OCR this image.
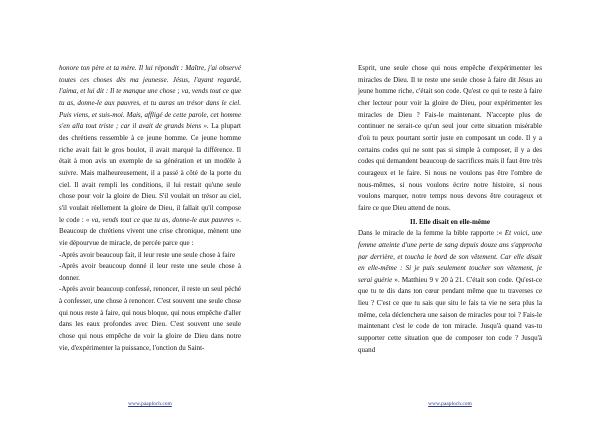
honore ton père et ta mère. Il lui répondit : Maître, j'ai observé toutes ces choses dès ma jeunesse. Jésus, l'ayant regardé, l'aima, et lui dit : Il te manque une chose ; va, vends tout ce que tu as, donne-le aux pauvres, et tu auras un trésor dans le ciel. Puis viens, et suis-moi. Mais, affligé de cette parole, cet homme s'en alla tout triste ; car il avait de grands biens ». La plupart des chrétiens ressemble à ce jeune homme. Ce jeune homme riche avait fait le gros boulot, il avait marqué la différence. Il était à mon avis un exemple de sa génération et un modèle à suivre. Mais malheureusement, il a passé à côté de la porte du ciel. Il avait rempli les conditions, il lui restait qu'une seule chose pour voir la gloire de Dieu. S'il voulait un trésor au ciel, s'il voulait réellement la gloire de Dieu, il fallait qu'il compose le code : « va, vends tout ce que tu as, donne-le aux pauvres ». Beaucoup de chrétiens vivent une crise chronique, mènent une vie dépourvue de miracle, de percée parce que :

-Après avoir beaucoup fait, il leur reste une seule chose à faire

-Après avoir beaucoup donné il leur reste une seule chose à donner.

-Après avoir beaucoup confessé, renoncer, il reste un seul péché à confesser, une chose à renoncer. C'est souvent une seule chose qui nous reste à faire, qui nous bloque, qui nous empêche d'aller dans les eaux profondes avec Dieu. C'est souvent une seule chose qui nous empêche de voir la gloire de Dieu dans notre vie, d'expérimenter la puissance, l'onction du Saint-

www.paaploch.com

Esprit, une seule chose qui nous empêche d'expérimenter les miracles de Dieu. Il te reste une seule chose à faire dit Jésus au jeune homme riche, c'était son code. Qu'est ce qui te reste à faire cher lecteur pour voir la gloire de Dieu, pour expérimenter les miracles de Dieu ? Fais-le maintenant. N'accepte plus de continuer ne serait-ce qu'un seul jour cette situation misérable d'où tu peux pourtant sortir juste en composant un code. Il y a certains codes qui ne sont pas si simple à composer, il y a des codes qui demandent beaucoup de sacrifices mais il faut être très courageux et le faire. Si nous ne voulons pas être l'ombre de nous-mêmes, si nous voulons écrire notre histoire, si nous voulons marquer, notre temps nous devons être courageux et faire ce que Dieu attend de nous.

II. Elle disait en elle-même

Dans le miracle de la femme la bible rapporte :« Et voici, une femme atteinte d'une perte de sang depuis douze ans s'approcha par derrière, et toucha le bord de son vêtement. Car elle disait en elle-même : Si je puis seulement toucher son vêtement, je serai guérie ». Matthieu 9 v 20 à 21. C'était son code. Qu'est-ce que tu te dis dans ton cœur pendant même que tu traverses ce lieu ? C'est ce que tu sais que situ le fais ta vie ne sera plus la même, cela déclenchera une saison de miracles pour toi ? Fais-le maintenant c'est le code de ton miracle. Jusqu'à quand vas-tu supporter cette situation que de composer ton code ? Jusqu'à quand

www.paaploch.com
